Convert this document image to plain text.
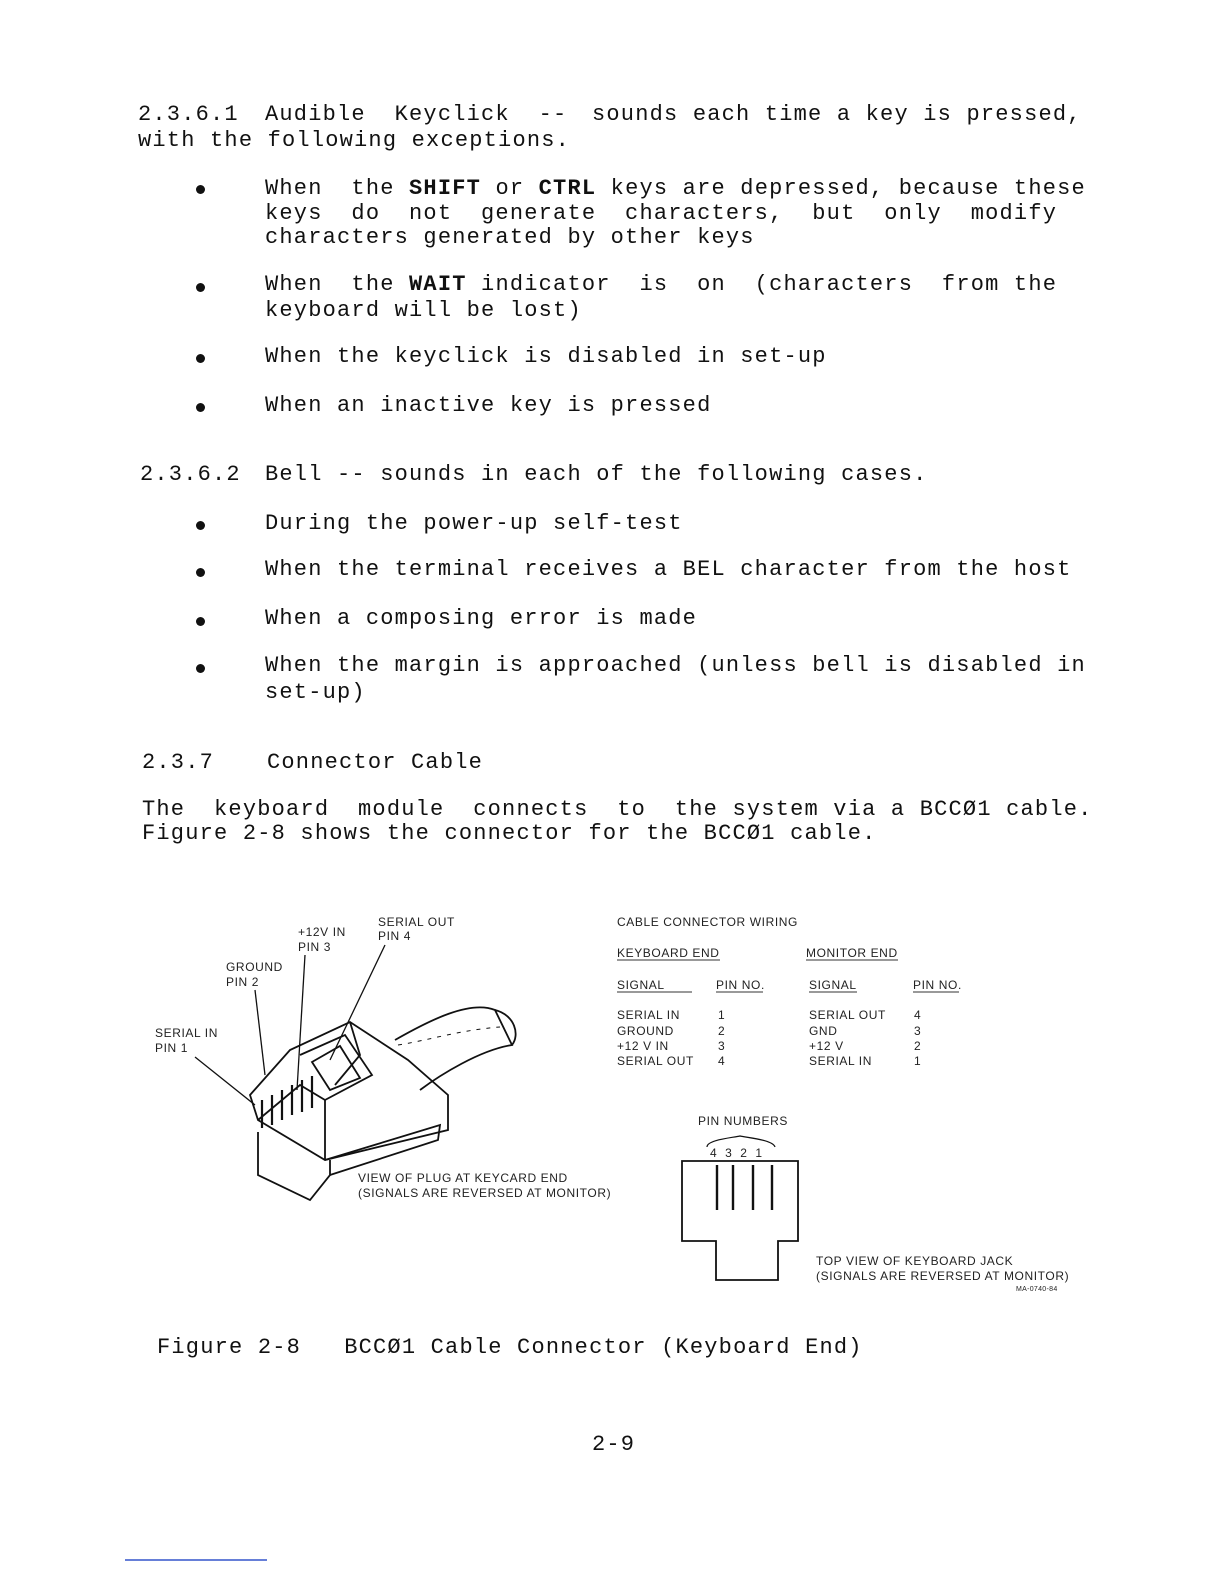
2.3.6.1 Audible  Keyclick  -- sounds each time a key is pressed,
with the following exceptions.
When  the SHIFT or CTRL keys are depressed, because these
keys  do  not  generate  characters,  but  only  modify
characters generated by other keys
When  the WAIT indicator  is  on  (characters  from the
keyboard will be lost)
When the keyclick is disabled in set-up
When an inactive key is pressed
2.3.6.2 Bell -- sounds in each of the following cases.
During the power-up self-test
When the terminal receives a BEL character from the host
When a composing error is made
When the margin is approached (unless bell is disabled in
set-up)
2.3.7 Connector Cable
The  keyboard  module  connects  to  the system via a BCCØ1 cable.
Figure 2-8 shows the connector for the BCCØ1 cable.
SERIAL OUT
PIN 4
+12V IN
PIN 3
GROUND
PIN 2
SERIAL IN
PIN 1
VIEW OF PLUG AT KEYCARD END
(SIGNALS ARE REVERSED AT MONITOR)
CABLE CONNECTOR WIRING
KEYBOARD END	MONITOR END
SIGNAL	PIN NO.	SIGNAL	PIN NO.
SERIAL IN	1	SERIAL OUT 4
GROUND	2	GND	3
+12 V IN	3	+12 V	2
SERIAL OUT 4	SERIAL IN	1
PIN NUMBERS
4  3  2  1
TOP VIEW OF KEYBOARD JACK
(SIGNALS ARE REVERSED AT MONITOR)
MA-0740-84
Figure 2-8   BCCØ1 Cable Connector (Keyboard End)
2-9
